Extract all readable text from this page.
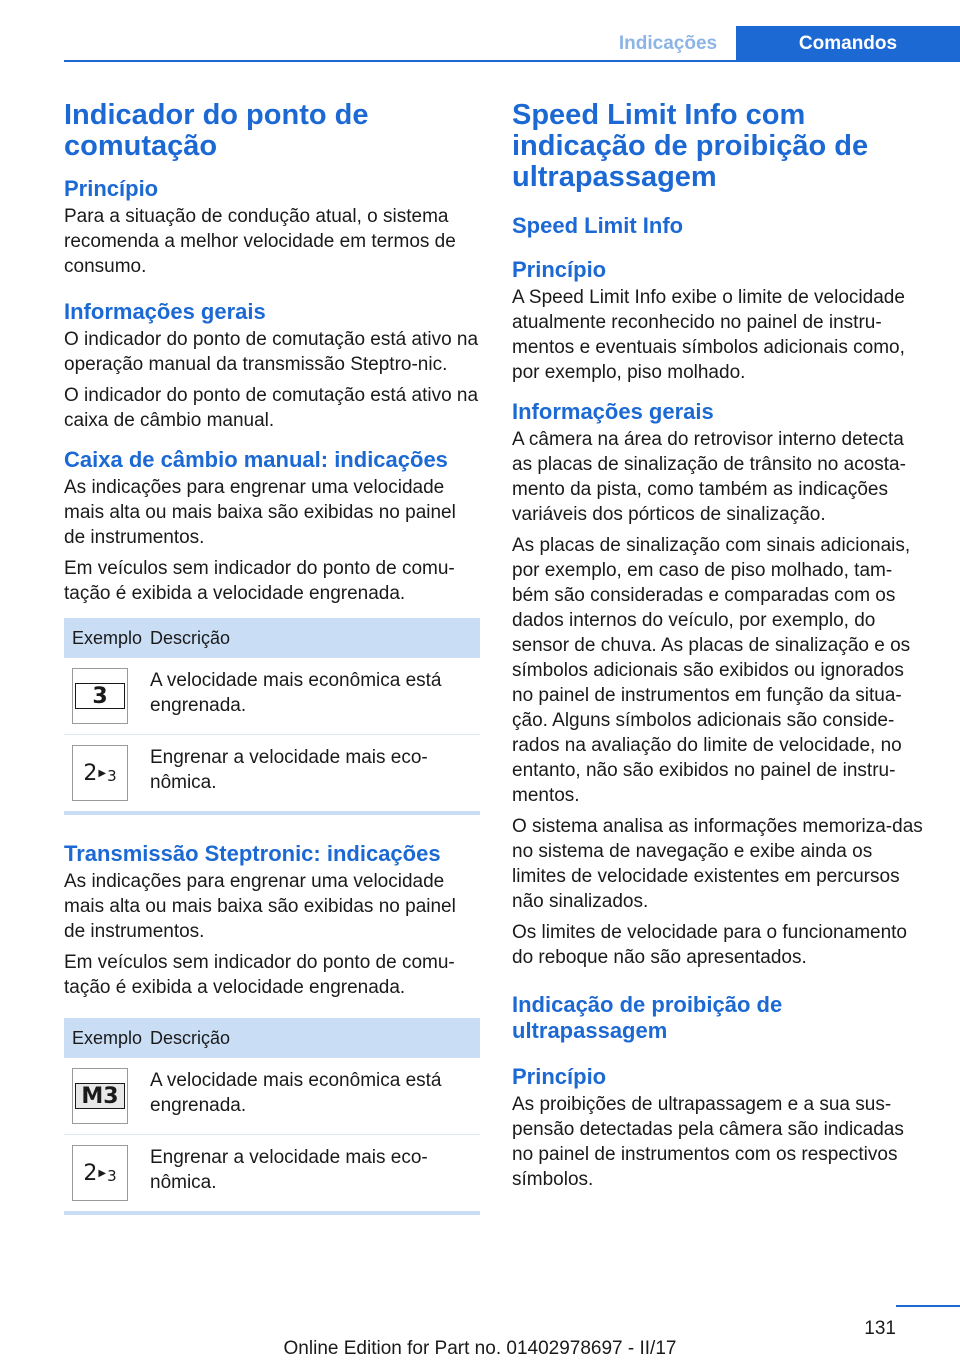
Indicações	Comandos
Indicador do ponto de comutação
Princípio

Para a situação de condução atual, o sistema recomenda a melhor velocidade em termos de consumo.

Informações gerais

O indicador do ponto de comutação está ativo na operação manual da transmissão Steptro‐nic.

O indicador do ponto de comutação está ativo na caixa de câmbio manual.

Caixa de câmbio manual: indicações

As indicações para engrenar uma velocidade mais alta ou mais baixa são exibidas no painel de instrumentos.

Em veículos sem indicador do ponto de comu‐tação é exibida a velocidade engrenada.

Exemplo Descrição
3
A velocidade mais econômica está engrenada.
2 ▶ 3
Engrenar a velocidade mais eco‐nômica.
Transmissão Steptronic: indicações

As indicações para engrenar uma velocidade mais alta ou mais baixa são exibidas no painel de instrumentos.

Em veículos sem indicador do ponto de comu‐tação é exibida a velocidade engrenada.

Exemplo Descrição
M3
A velocidade mais econômica está engrenada.
2 ▶ 3
Engrenar a velocidade mais eco‐nômica.
Speed Limit Info com indicação de proibição de ultrapassagem
Speed Limit Info
Princípio

A Speed Limit Info exibe o limite de velocidade atualmente reconhecido no painel de instru‐mentos e eventuais símbolos adicionais como, por exemplo, piso molhado.

Informações gerais

A câmera na área do retrovisor interno detecta as placas de sinalização de trânsito no acosta‐mento da pista, como também as indicações variáveis dos pórticos de sinalização.

As placas de sinalização com sinais adicionais, por exemplo, em caso de piso molhado, tam‐bém são consideradas e comparadas com os dados internos do veículo, por exemplo, do sensor de chuva. As placas de sinalização e os símbolos adicionais são exibidos ou ignorados no painel de instrumentos em função da situa‐ção. Alguns símbolos adicionais são conside‐rados na avaliação do limite de velocidade, no entanto, não são exibidos no painel de instru‐mentos.

O sistema analisa as informações memoriza‐das no sistema de navegação e exibe ainda os limites de velocidade existentes em percursos não sinalizados.

Os limites de velocidade para o funcionamento do reboque não são apresentados.

Indicação de proibição de ultrapassagem
Princípio

As proibições de ultrapassagem e a sua sus‐pensão detectadas pela câmera são indicadas no painel de instrumentos com os respectivos símbolos.

131
Online Edition for Part no. 01402978697 - II/17
